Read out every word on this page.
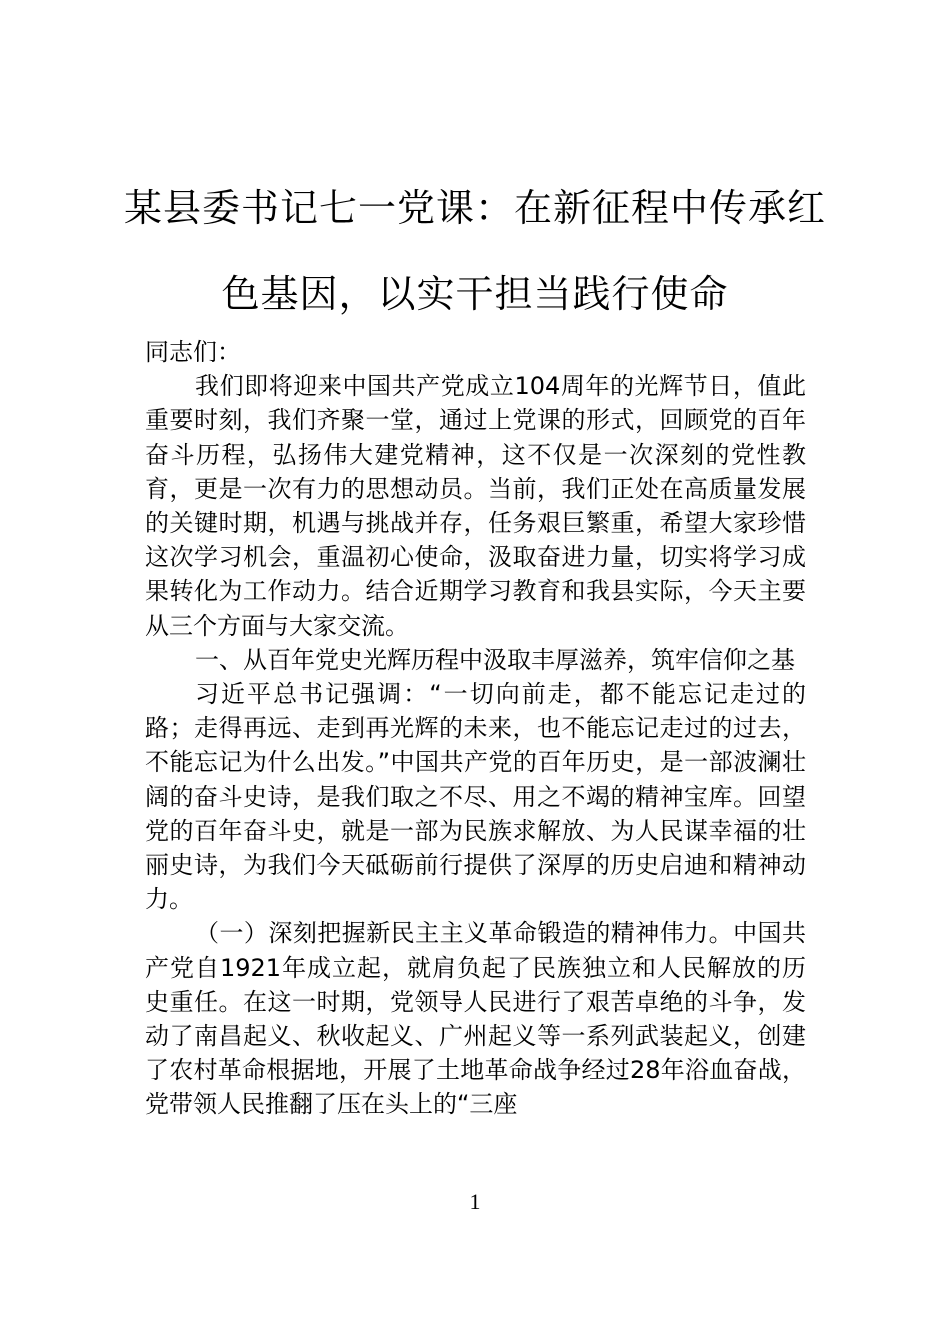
某县委书记七一党课：在新征程中传承红色基因，以实干担当践行使命

同志们：

我们即将迎来中国共产党成立104周年的光辉节日，值此重要时刻，我们齐聚一堂，通过上党课的形式，回顾党的百年奋斗历程，弘扬伟大建党精神，这不仅是一次深刻的党性教育，更是一次有力的思想动员。当前，我们正处在高质量发展的关键时期，机遇与挑战并存，任务艰巨繁重，希望大家珍惜这次学习机会，重温初心使命，汲取奋进力量，切实将学习成果转化为工作动力。结合近期学习教育和我县实际，今天主要从三个方面与大家交流。

一、从百年党史光辉历程中汲取丰厚滋养，筑牢信仰之基

习近平总书记强调：“一切向前走，都不能忘记走过的路；走得再远、走到再光辉的未来，也不能忘记走过的过去，不能忘记为什么出发。”中国共产党的百年历史，是一部波澜壮阔的奋斗史诗，是我们取之不尽、用之不竭的精神宝库。回望党的百年奋斗史，就是一部为民族求解放、为人民谋幸福的壮丽史诗，为我们今天砥砺前行提供了深厚的历史启迪和精神动力。

（一）深刻把握新民主主义革命锻造的精神伟力。中国共产党自1921年成立起，就肩负起了民族独立和人民解放的历史重任。在这一时期，党领导人民进行了艰苦卓绝的斗争，发动了南昌起义、秋收起义、广州起义等一系列武装起义，创建了农村革命根据地，开展了土地革命战争经过28年浴血奋战，党带领人民推翻了压在头上的“三座

1
